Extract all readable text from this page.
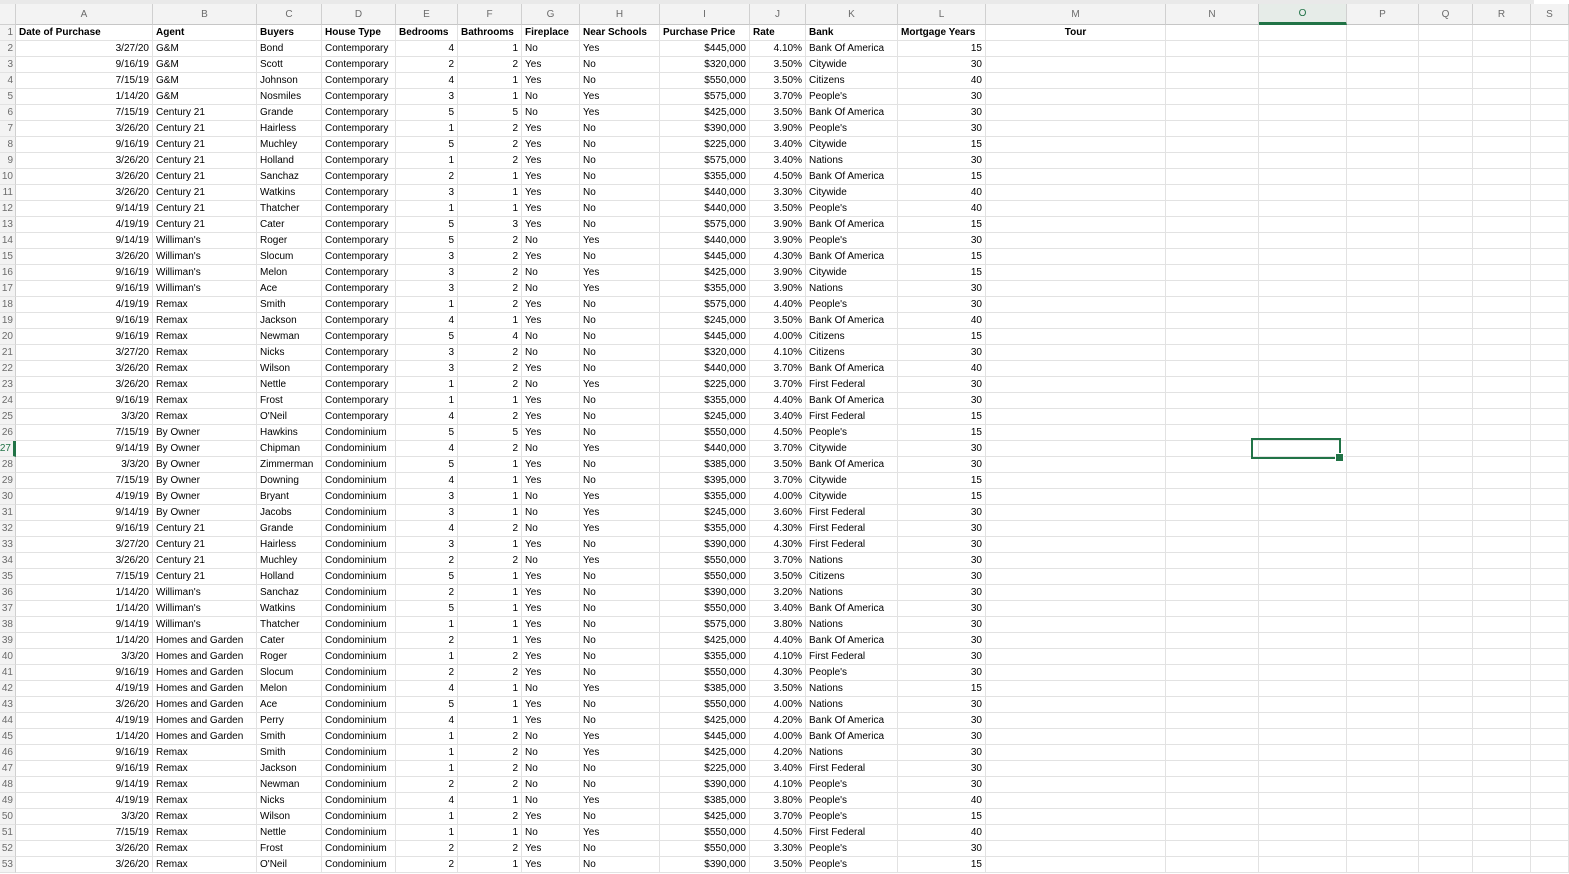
A	B	C	D	E	F	G	H	I	J	K	L	M	N	O	P	Q	R	S
1 Date of Purchase	Agent	Buyers	House Type	Bedrooms	Bathrooms	Fireplace	Near Schools	Purchase Price	Rate	Bank	Mortgage Years	Tour
2	3/27/20 G&M	Bond	Contemporary	4	1 No	Yes	$445,000	4.10% Bank Of America	15
3	9/16/19 G&M	Scott	Contemporary	2	2 Yes	No	$320,000	3.50% Citywide	30
4	7/15/19 G&M	Johnson	Contemporary	4	1 Yes	No	$550,000	3.50% Citizens	40
5	1/14/20 G&M	Nosmiles	Contemporary	3	1 No	Yes	$575,000	3.70% People's	30
6	7/15/19 Century 21	Grande	Contemporary	5	5 No	Yes	$425,000	3.50% Bank Of America	30
7	3/26/20 Century 21	Hairless	Contemporary	1	2 Yes	No	$390,000	3.90% People's	30
8	9/16/19 Century 21	Muchley	Contemporary	5	2 Yes	No	$225,000	3.40% Citywide	15
9	3/26/20 Century 21	Holland	Contemporary	1	2 Yes	No	$575,000	3.40% Nations	30
10	3/26/20 Century 21	Sanchaz	Contemporary	2	1 Yes	No	$355,000	4.50% Bank Of America	15
11	3/26/20 Century 21	Watkins	Contemporary	3	1 Yes	No	$440,000	3.30% Citywide	40
12	9/14/19 Century 21	Thatcher	Contemporary	1	1 Yes	No	$440,000	3.50% People's	40
13	4/19/19 Century 21	Cater	Contemporary	5	3 Yes	No	$575,000	3.90% Bank Of America	15
14	9/14/19 Williman's	Roger	Contemporary	5	2 No	Yes	$440,000	3.90% People's	30
15	3/26/20 Williman's	Slocum	Contemporary	3	2 Yes	No	$445,000	4.30% Bank Of America	15
16	9/16/19 Williman's	Melon	Contemporary	3	2 No	Yes	$425,000	3.90% Citywide	15
17	9/16/19 Williman's	Ace	Contemporary	3	2 No	Yes	$355,000	3.90% Nations	30
18	4/19/19 Remax	Smith	Contemporary	1	2 Yes	No	$575,000	4.40% People's	30
19	9/16/19 Remax	Jackson	Contemporary	4	1 Yes	No	$245,000	3.50% Bank Of America	40
20	9/16/19 Remax	Newman	Contemporary	5	4 No	No	$445,000	4.00% Citizens	15
21	3/27/20 Remax	Nicks	Contemporary	3	2 No	No	$320,000	4.10% Citizens	30
22	3/26/20 Remax	Wilson	Contemporary	3	2 Yes	No	$440,000	3.70% Bank Of America	40
23	3/26/20 Remax	Nettle	Contemporary	1	2 No	Yes	$225,000	3.70% First Federal	30
24	9/16/19 Remax	Frost	Contemporary	1	1 Yes	No	$355,000	4.40% Bank Of America	30
25	3/3/20 Remax	O'Neil	Contemporary	4	2 Yes	No	$245,000	3.40% First Federal	15
26	7/15/19 By Owner	Hawkins	Condominium	5	5 Yes	No	$550,000	4.50% People's	15
27	9/14/19 By Owner	Chipman	Condominium	4	2 No	Yes	$440,000	3.70% Citywide	30
28	3/3/20 By Owner	Zimmerman	Condominium	5	1 Yes	No	$385,000	3.50% Bank Of America	30
29	7/15/19 By Owner	Downing	Condominium	4	1 Yes	No	$395,000	3.70% Citywide	15
30	4/19/19 By Owner	Bryant	Condominium	3	1 No	Yes	$355,000	4.00% Citywide	15
31	9/14/19 By Owner	Jacobs	Condominium	3	1 No	Yes	$245,000	3.60% First Federal	30
32	9/16/19 Century 21	Grande	Condominium	4	2 No	Yes	$355,000	4.30% First Federal	30
33	3/27/20 Century 21	Hairless	Condominium	3	1 Yes	No	$390,000	4.30% First Federal	30
34	3/26/20 Century 21	Muchley	Condominium	2	2 No	Yes	$550,000	3.70% Nations	30
35	7/15/19 Century 21	Holland	Condominium	5	1 Yes	No	$550,000	3.50% Citizens	30
36	1/14/20 Williman's	Sanchaz	Condominium	2	1 Yes	No	$390,000	3.20% Nations	30
37	1/14/20 Williman's	Watkins	Condominium	5	1 Yes	No	$550,000	3.40% Bank Of America	30
38	9/14/19 Williman's	Thatcher	Condominium	1	1 Yes	No	$575,000	3.80% Nations	30
39	1/14/20 Homes and Garden	Cater	Condominium	2	1 Yes	No	$425,000	4.40% Bank Of America	30
40	3/3/20 Homes and Garden	Roger	Condominium	1	2 Yes	No	$355,000	4.10% First Federal	30
41	9/16/19 Homes and Garden	Slocum	Condominium	2	2 Yes	No	$550,000	4.30% People's	30
42	4/19/19 Homes and Garden	Melon	Condominium	4	1 No	Yes	$385,000	3.50% Nations	15
43	3/26/20 Homes and Garden	Ace	Condominium	5	1 Yes	No	$550,000	4.00% Nations	30
44	4/19/19 Homes and Garden	Perry	Condominium	4	1 Yes	No	$425,000	4.20% Bank Of America	30
45	1/14/20 Homes and Garden	Smith	Condominium	1	2 No	Yes	$445,000	4.00% Bank Of America	30
46	9/16/19 Remax	Smith	Condominium	1	2 No	Yes	$425,000	4.20% Nations	30
47	9/16/19 Remax	Jackson	Condominium	1	2 No	No	$225,000	3.40% First Federal	30
48	9/14/19 Remax	Newman	Condominium	2	2 No	No	$390,000	4.10% People's	30
49	4/19/19 Remax	Nicks	Condominium	4	1 No	Yes	$385,000	3.80% People's	40
50	3/3/20 Remax	Wilson	Condominium	1	2 Yes	No	$425,000	3.70% People's	15
51	7/15/19 Remax	Nettle	Condominium	1	1 No	Yes	$550,000	4.50% First Federal	40
52	3/26/20 Remax	Frost	Condominium	2	2 Yes	No	$550,000	3.30% People's	30
53	3/26/20 Remax	O'Neil	Condominium	2	1 Yes	No	$390,000	3.50% People's	15
